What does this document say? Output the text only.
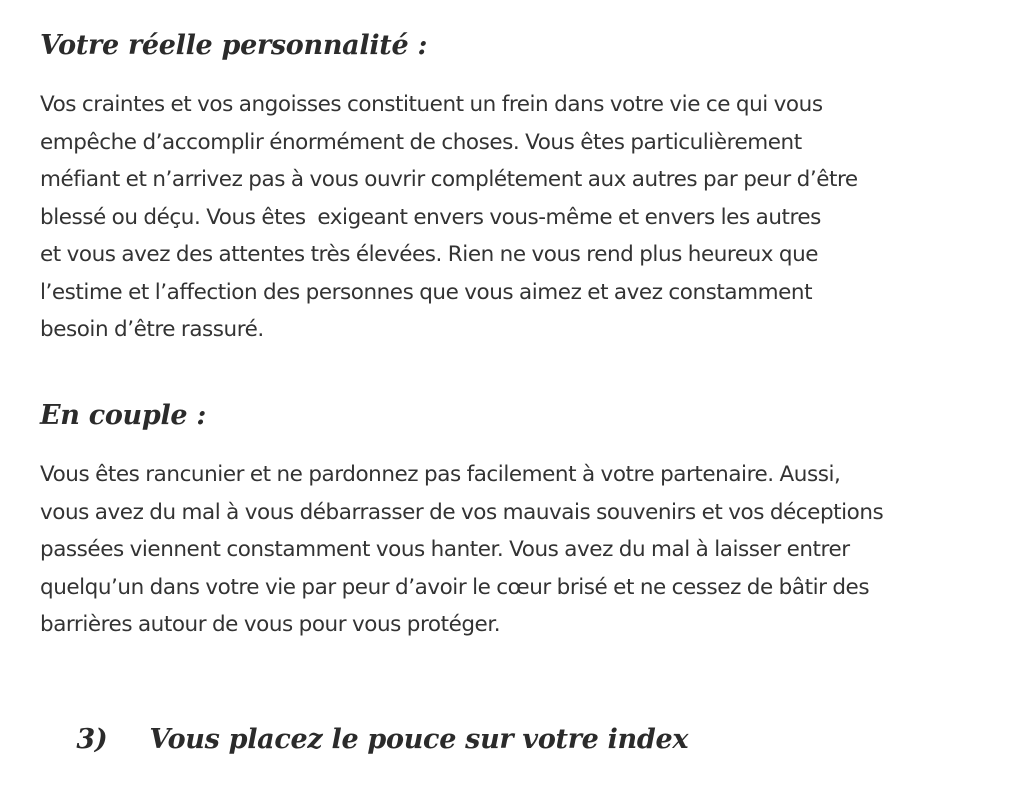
Votre réelle personnalité :
Vos craintes et vos angoisses constituent un frein dans votre vie ce qui vous
empêche d’accomplir énormément de choses. Vous êtes particulièrement
méfiant et n’arrivez pas à vous ouvrir complétement aux autres par peur d’être
blessé ou déçu. Vous êtes  exigeant envers vous-même et envers les autres
et vous avez des attentes très élevées. Rien ne vous rend plus heureux que
l’estime et l’affection des personnes que vous aimez et avez constamment
besoin d’être rassuré.
En couple :
Vous êtes rancunier et ne pardonnez pas facilement à votre partenaire. Aussi,
vous avez du mal à vous débarrasser de vos mauvais souvenirs et vos déceptions
passées viennent constamment vous hanter. Vous avez du mal à laisser entrer
quelqu’un dans votre vie par peur d’avoir le cœur brisé et ne cessez de bâtir des
barrières autour de vous pour vous protéger.

3) Vous placez le pouce sur votre index
